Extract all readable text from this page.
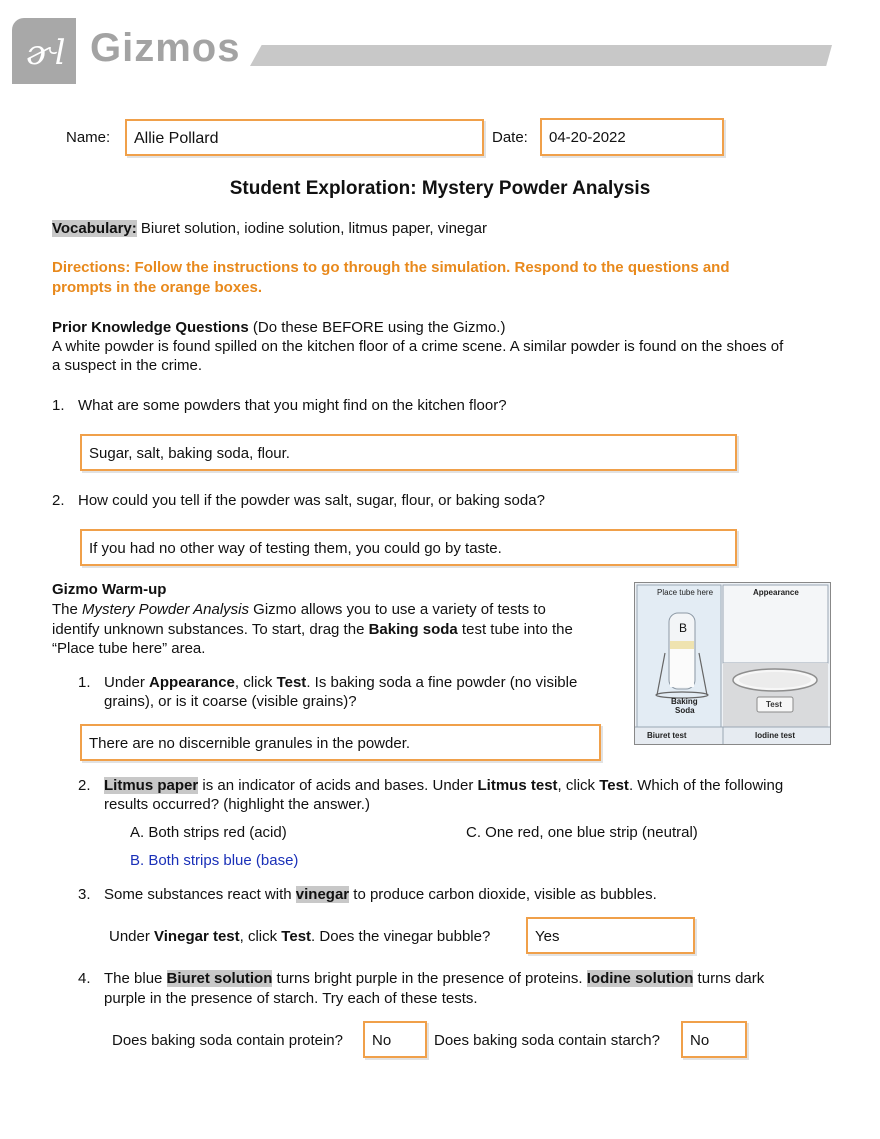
ɚl Gizmos
Name:	Allie Pollard	Date:	04-20-2022
Student Exploration: Mystery Powder Analysis
Vocabulary: Biuret solution, iodine solution, litmus paper, vinegar
Directions: Follow the instructions to go through the simulation. Respond to the questions and
prompts in the orange boxes.
Prior Knowledge Questions (Do these BEFORE using the Gizmo.)
A white powder is found spilled on the kitchen floor of a crime scene. A similar powder is found on the shoes of
a suspect in the crime.
1. What are some powders that you might find on the kitchen floor?
Sugar, salt, baking soda, flour.
2. How could you tell if the powder was salt, sugar, flour, or baking soda?
If you had no other way of testing them, you could go by taste.
Gizmo Warm-up
The Mystery Powder Analysis Gizmo allows you to use a variety of tests to
identify unknown substances. To start, drag the Baking soda test tube into the
“Place tube here” area.
1. Under Appearance, click Test. Is baking soda a fine powder (no visible
grains), or is it coarse (visible grains)?
There are no discernible granules in the powder.
Place tube here
B
Baking
Soda
Appearance
Test
Biuret test	Iodine test
2. Litmus paper is an indicator of acids and bases. Under Litmus test, click Test. Which of the following
results occurred? (highlight the answer.)
A. Both strips red (acid)	C. One red, one blue strip (neutral)
B. Both strips blue (base)
3. Some substances react with vinegar to produce carbon dioxide, visible as bubbles.
Under Vinegar test, click Test. Does the vinegar bubble?	Yes
4. The blue Biuret solution turns bright purple in the presence of proteins. Iodine solution turns dark
purple in the presence of starch. Try each of these tests.
Does baking soda contain protein?	No	Does baking soda contain starch?	No
